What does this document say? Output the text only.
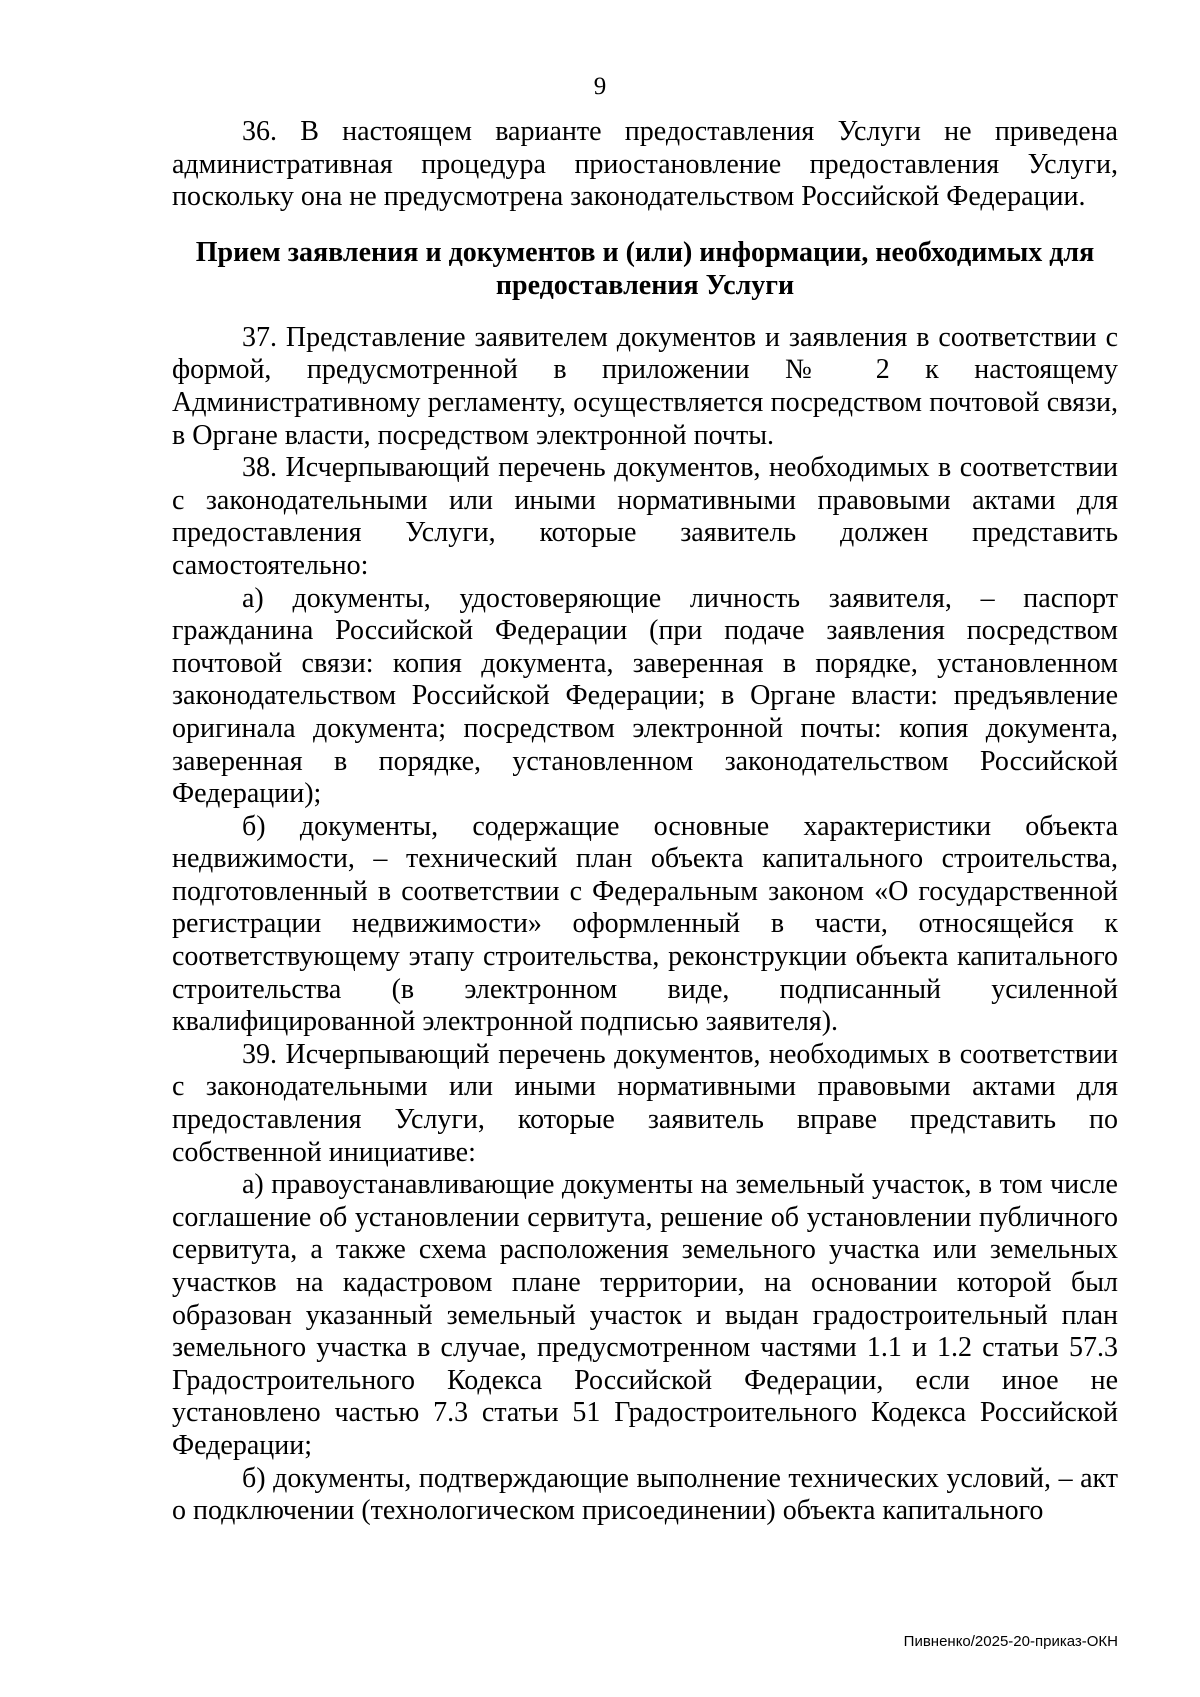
9

36. В настоящем варианте предоставления Услуги не приведена административная процедура приостановление предоставления Услуги, поскольку она не предусмотрена законодательством Российской Федерации.

Прием заявления и документов и (или) информации, необходимых для
предоставления Услуги

37. Представление заявителем документов и заявления в соответствии с формой, предусмотренной в приложении № 2 к настоящему Административному регламенту, осуществляется посредством почтовой связи, в Органе власти, посредством электронной почты.

38. Исчерпывающий перечень документов, необходимых в соответствии с законодательными или иными нормативными правовыми актами для предоставления Услуги, которые заявитель должен представить самостоятельно:

а) документы, удостоверяющие личность заявителя, – паспорт гражданина Российской Федерации (при подаче заявления посредством почтовой связи: копия документа, заверенная в порядке, установленном законодательством Российской Федерации; в Органе власти: предъявление оригинала документа; посредством электронной почты: копия документа, заверенная в порядке, установленном законодательством Российской Федерации);

б) документы, содержащие основные характеристики объекта недвижимости, – технический план объекта капитального строительства, подготовленный в соответствии с Федеральным законом «О государственной регистрации недвижимости» оформленный в части, относящейся к соответствующему этапу строительства, реконструкции объекта капитального строительства (в электронном виде, подписанный усиленной квалифицированной электронной подписью заявителя).

39. Исчерпывающий перечень документов, необходимых в соответствии с законодательными или иными нормативными правовыми актами для предоставления Услуги, которые заявитель вправе представить по собственной инициативе:

а) правоустанавливающие документы на земельный участок, в том числе соглашение об установлении сервитута, решение об установлении публичного сервитута, а также схема расположения земельного участка или земельных участков на кадастровом плане территории, на основании которой был образован указанный земельный участок и выдан градостроительный план земельного участка в случае, предусмотренном частями 1.1 и 1.2 статьи 57.3 Градостроительного Кодекса Российской Федерации, если иное не установлено частью 7.3 статьи 51 Градостроительного Кодекса Российской Федерации;

б) документы, подтверждающие выполнение технических условий, – акт о подключении (технологическом присоединении) объекта капитального

Пивненко/2025-20-приказ-ОКН
